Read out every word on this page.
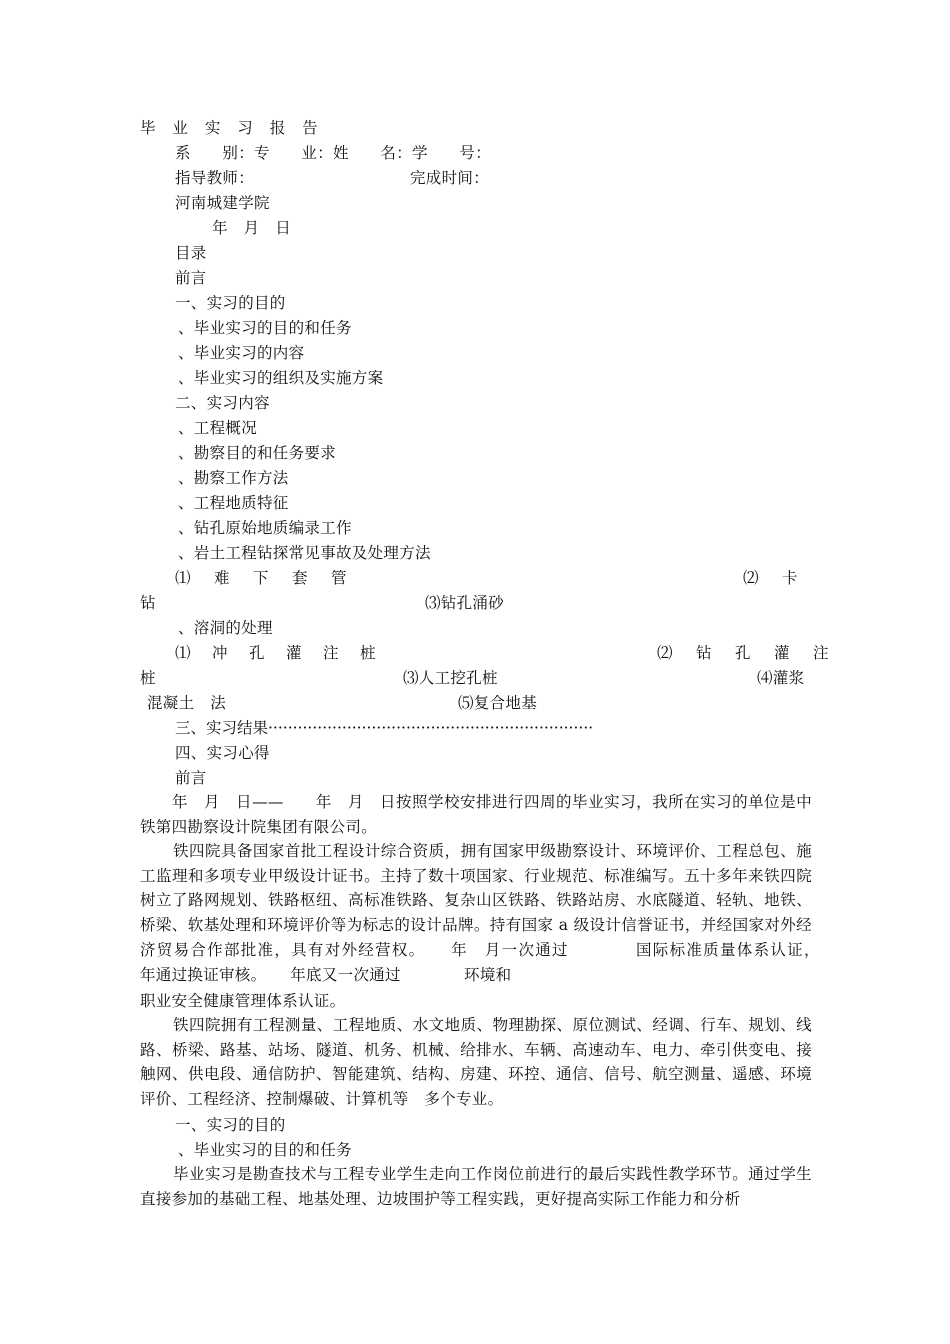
毕 业 实 习 报 告
系　　别：专　　业：姓　　名：学　　号：
指导教师：	完成时间：
河南城建学院
年　月　日
目录
前言
一、实习的目的
、毕业实习的目的和任务
、毕业实习的内容
、毕业实习的组织及实施方案
二、实习内容
、工程概况
、勘察目的和任务要求
、勘察工作方法
、工程地质特征
、钻孔原始地质编录工作
、岩土工程钻探常见事故及处理方法
⑴　难　下　套　管	⑵　卡
钻	⑶钻孔涌砂
、溶洞的处理
⑴　冲　孔　灌　注　桩	⑵　钻　孔　灌　注
桩	⑶人工挖孔桩	⑷灌浆
混凝土　法	⑸复合地基
三、实习结果··································································
四、实习心得
前言
　　年　月　日——　　年　月　日按照学校安排进行四周的毕业实习，我所在实习的单位是中铁第四勘察设计院集团有限公司。
铁四院具备国家首批工程设计综合资质，拥有国家甲级勘察设计、环境评价、工程总包、施工监理和多项专业甲级设计证书。主持了数十项国家、行业规范、标准编写。五十多年来铁四院树立了路网规划、铁路枢纽、高标准铁路、复杂山区铁路、铁路站房、水底隧道、轻轨、地铁、桥梁、软基处理和环境评价等为标志的设计品牌。持有国家 a 级设计信誉证书，并经国家对外经济贸易合作部批准，具有对外经营权。　　年　月一次通过　　　　国际标准质量体系认证，　　年通过换证审核。　　年底又一次通过　　　　环境和
职业安全健康管理体系认证。
铁四院拥有工程测量、工程地质、水文地质、物理勘探、原位测试、经调、行车、规划、线路、桥梁、路基、站场、隧道、机务、机械、给排水、车辆、高速动车、电力、牵引供变电、接触网、供电段、通信防护、智能建筑、结构、房建、环控、通信、信号、航空测量、遥感、环境评价、工程经济、控制爆破、计算机等　多个专业。
一、实习的目的
、毕业实习的目的和任务
毕业实习是勘查技术与工程专业学生走向工作岗位前进行的最后实践性教学环节。通过学生直接参加的基础工程、地基处理、边坡围护等工程实践，更好提高实际工作能力和分析
